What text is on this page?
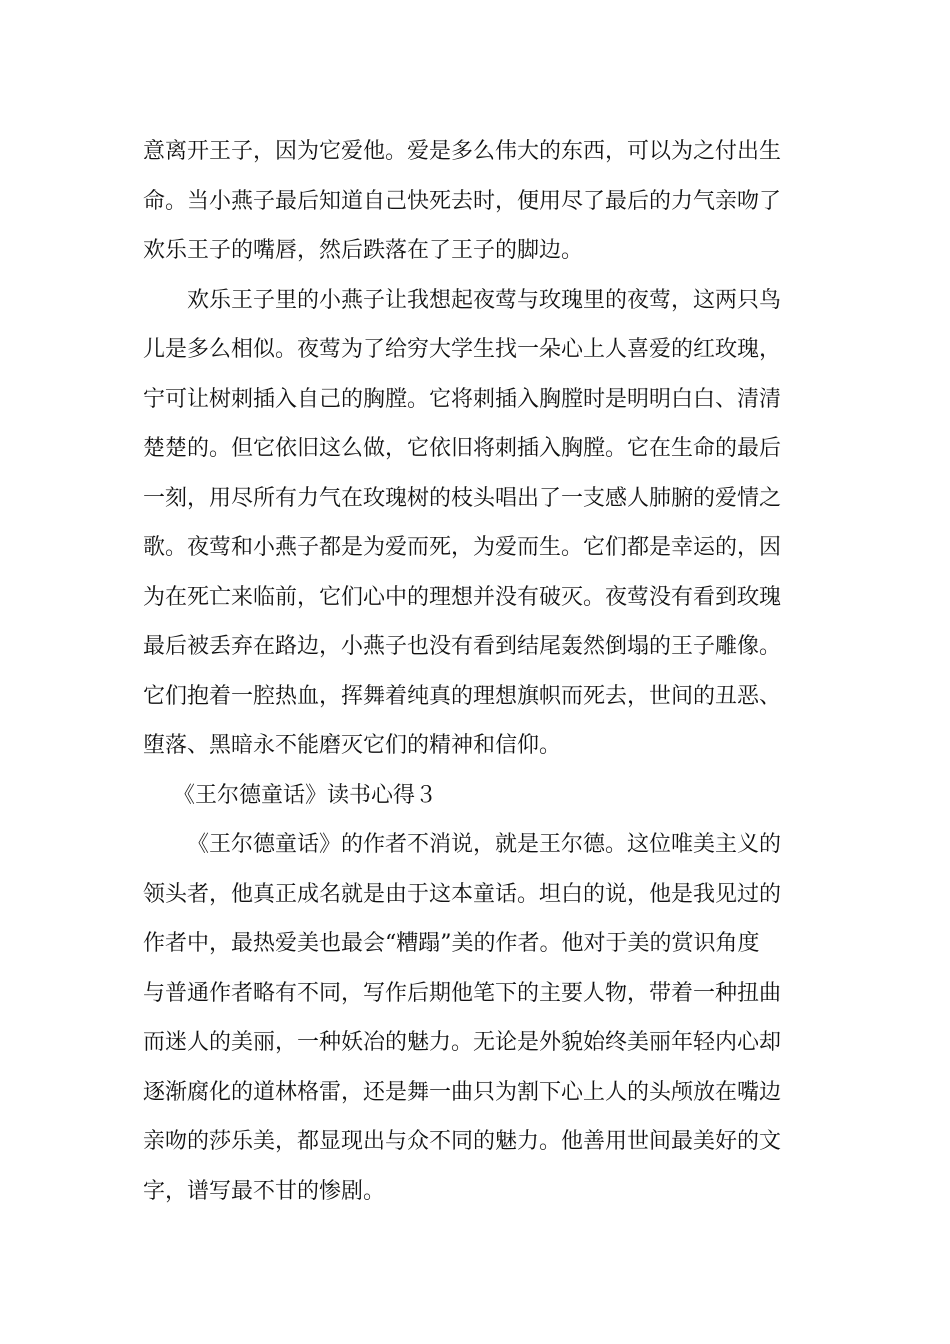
意离开王子，因为它爱他。爱是多么伟大的东西，可以为之付出生
命。当小燕子最后知道自己快死去时，便用尽了最后的力气亲吻了
欢乐王子的嘴唇，然后跌落在了王子的脚边。
欢乐王子里的小燕子让我想起夜莺与玫瑰里的夜莺，这两只鸟
儿是多么相似。夜莺为了给穷大学生找一朵心上人喜爱的红玫瑰，
宁可让树刺插入自己的胸膛。它将刺插入胸膛时是明明白白、清清
楚楚的。但它依旧这么做，它依旧将刺插入胸膛。它在生命的最后
一刻，用尽所有力气在玫瑰树的枝头唱出了一支感人肺腑的爱情之
歌。夜莺和小燕子都是为爱而死，为爱而生。它们都是幸运的，因
为在死亡来临前，它们心中的理想并没有破灭。夜莺没有看到玫瑰
最后被丢弃在路边，小燕子也没有看到结尾轰然倒塌的王子雕像。
它们抱着一腔热血，挥舞着纯真的理想旗帜而死去，世间的丑恶、
堕落、黑暗永不能磨灭它们的精神和信仰。
《王尔德童话》读书心得３
《王尔德童话》的作者不消说，就是王尔德。这位唯美主义的
领头者，他真正成名就是由于这本童话。坦白的说，他是我见过的
作者中，最热爱美也最会“糟蹋”美的作者。他对于美的赏识角度
与普通作者略有不同，写作后期他笔下的主要人物，带着一种扭曲
而迷人的美丽，一种妖冶的魅力。无论是外貌始终美丽年轻内心却
逐渐腐化的道林格雷，还是舞一曲只为割下心上人的头颅放在嘴边
亲吻的莎乐美，都显现出与众不同的魅力。他善用世间最美好的文
字，谱写最不甘的惨剧。
